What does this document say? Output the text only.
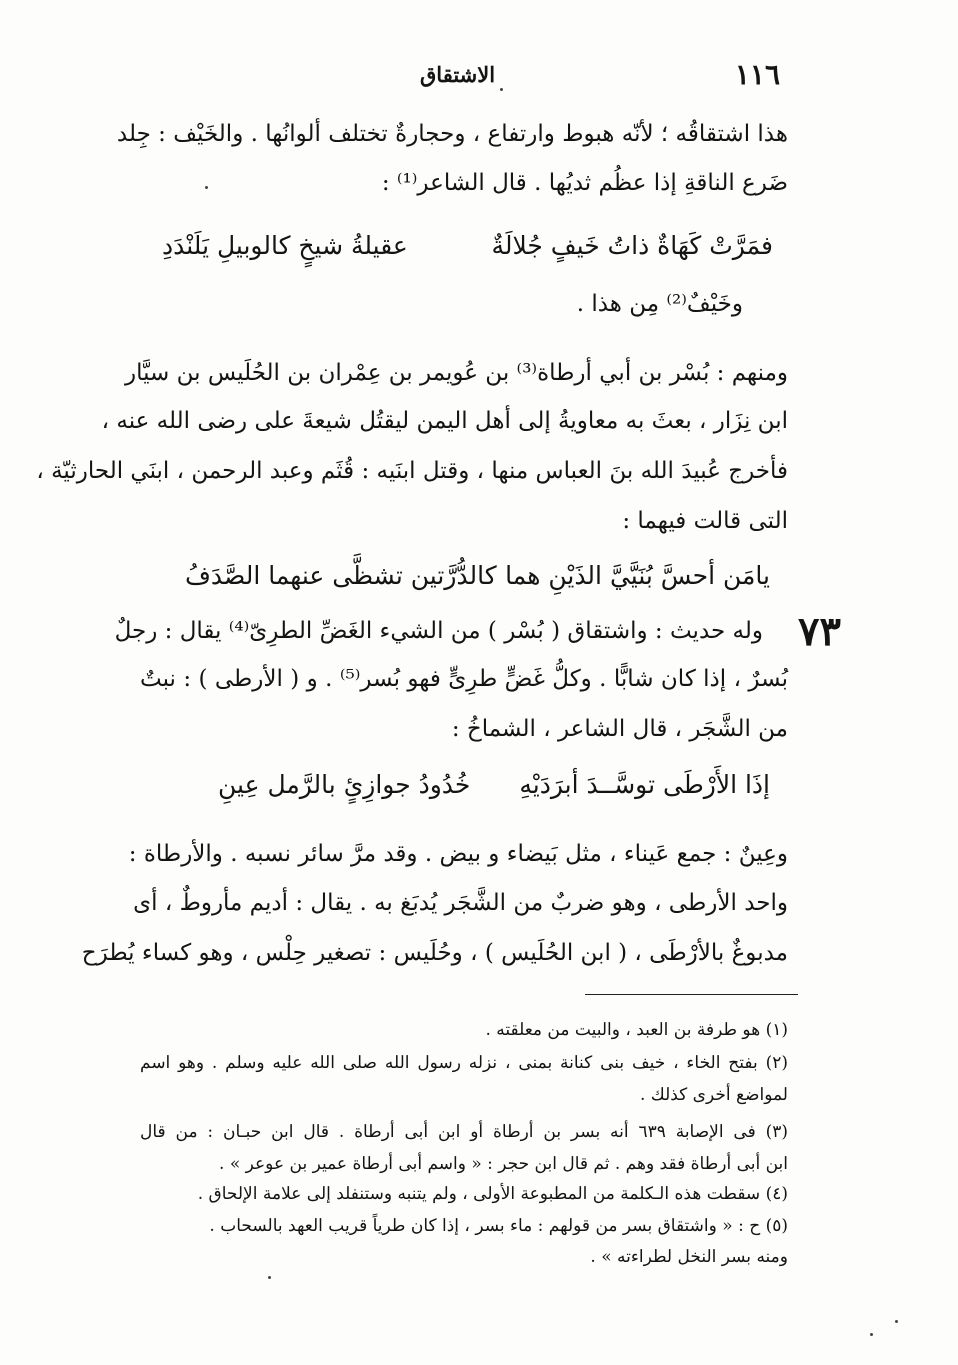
١١٦
الاشتقاق
هذا اشتقاقُه ؛ لأنّه هبوط وارتفاع ، وحجارةٌ تختلف ألوانُها . والخَيْف : جِلد
ضَرع الناقةِ إذا عظُم ثديُها . قال الشاعر⁽¹⁾ :
فمَرَّتْ كَهَاةٌ ذاتُ خَيفٍ جُلالَةٌ
عقيلةُ شيخٍ كالوبيلِ يَلَنْدَدِ
وخَيْفٌ⁽²⁾ مِن هذا .
ومنهم : بُسْر بن أبي أرطاة⁽³⁾ بن عُويمر بن عِمْران بن الحُلَيس بن سيَّار
ابن نِزَار ، بعثَ به معاويةُ إلى أهل اليمن ليقتُل شيعةَ على رضى الله عنه ،
فأخرج عُبيدَ الله بنَ العباس منها ، وقتل ابنَيه : قُثَم وعبد الرحمن ، ابنَي الحارثيّة ،
التى قالت فيهما :
يامَن أحسَّ بُنَيَّيَّ الذَيْنِ هما
كالدُّرَّتين تشظَّى عنهما الصَّدَفُ
٧٣
وله حديث : واشتقاق ( بُسْر ) من الشيء الغَضِّ الطرِىّ⁽⁴⁾ يقال : رجلٌ
بُسرٌ ، إذا كان شابًّا . وكلُّ غَضٍّ طرِىٍّ فهو بُسر⁽⁵⁾ . و ( الأرطى ) : نبتٌ
من الشَّجَر ، قال الشاعر ، الشماخُ :
إذَا الأَرْطَى توسَّــدَ أبرَدَيْهِ
خُدُودُ جوازِئٍ بالرَّمل عِينِ
وعِينٌ : جمع عَيناء ، مثل بَيضاء و بيض . وقد مرَّ سائر نسبه . والأرطاة :
واحد الأرطى ، وهو ضربٌ من الشَّجَر يُدبَغ به . يقال : أديم مأروطٌ ، أى
مدبوغٌ بالأرْطَى ، ( ابن الحُلَيس ) ، وحُلَيس : تصغير حِلْس ، وهو كساء يُطرَح
(١) هو طرفة بن العبد ، والبيت من معلقته .
(٢) بفتح الخاء ، خيف بنى كنانة بمنى ، نزله رسول الله صلى الله عليه وسلم . وهو اسم
لمواضع أخرى كذلك .
(٣) فى الإصابة ٦٣٩ أنه بسر بن أرطاة أو ابن أبى أرطاة . قال ابن حبـان : من قال
ابن أبى أرطاة فقد وهم . ثم قال ابن حجر : « واسم أبى أرطاة عمير بن عوعر » .
(٤) سقطت هذه الـكلمة من المطبوعة الأولى ، ولم يتنبه وستنفلد إلى علامة الإلحاق .
(٥) ح : « واشتقاق بسر من قولهم : ماء بسر ، إذا كان طرياً قريب العهد بالسحاب .
ومنه بسر النخل لطراءته » .
